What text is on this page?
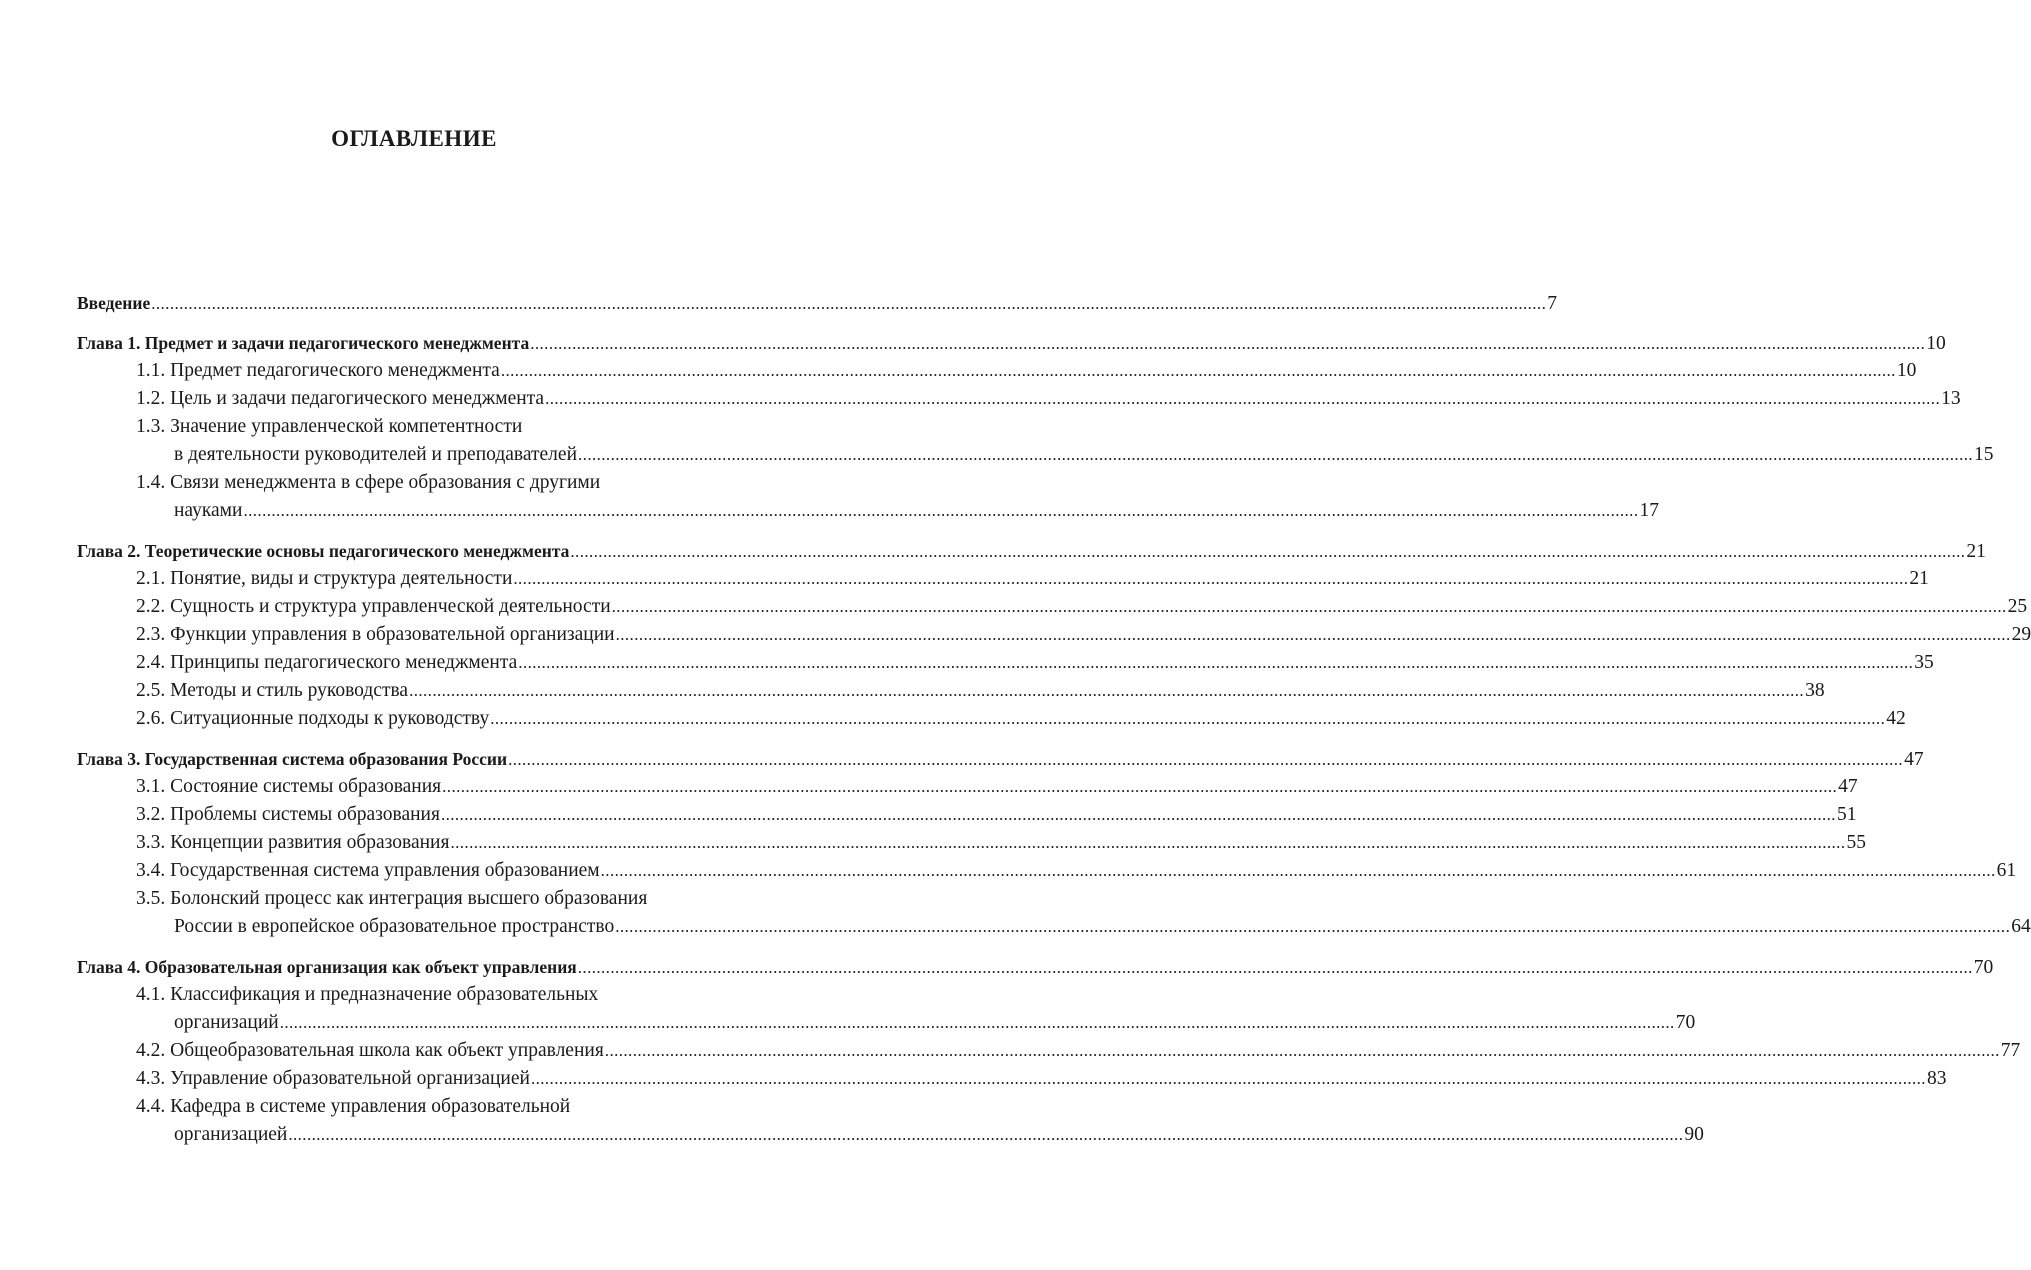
ОГЛАВЛЕНИЕ
Введение ............................................................................................................................................................................................................................................................................................................ 7
Глава 1. Предмет и задачи педагогического менеджмента ............................................................................................................................................................................................................................................................................................................ 10
1.1. Предмет педагогического менеджмента ............................................................................................................................................................................................................................................................................................................ 10
1.2. Цель и задачи педагогического менеджмента ............................................................................................................................................................................................................................................................................................................ 13
1.3. Значение управленческой компетентности
в деятельности руководителей и преподавателей ............................................................................................................................................................................................................................................................................................................ 15
1.4. Связи менеджмента в сфере образования с другими
науками ............................................................................................................................................................................................................................................................................................................ 17
Глава 2. Теоретические основы педагогического менеджмента ............................................................................................................................................................................................................................................................................................................ 21
2.1. Понятие, виды и структура деятельности ............................................................................................................................................................................................................................................................................................................ 21
2.2. Сущность и структура управленческой деятельности ............................................................................................................................................................................................................................................................................................................ 25
2.3. Функции управления в образовательной организации ............................................................................................................................................................................................................................................................................................................ 29
2.4. Принципы педагогического менеджмента ............................................................................................................................................................................................................................................................................................................ 35
2.5. Методы и стиль руководства ............................................................................................................................................................................................................................................................................................................ 38
2.6. Ситуационные подходы к руководству ............................................................................................................................................................................................................................................................................................................ 42
Глава 3. Государственная система образования России ............................................................................................................................................................................................................................................................................................................ 47
3.1. Состояние системы образования ............................................................................................................................................................................................................................................................................................................ 47
3.2. Проблемы системы образования ............................................................................................................................................................................................................................................................................................................ 51
3.3. Концепции развития образования ............................................................................................................................................................................................................................................................................................................ 55
3.4. Государственная система управления образованием ............................................................................................................................................................................................................................................................................................................ 61
3.5. Болонский процесс как интеграция высшего образования
России в европейское образовательное пространство ............................................................................................................................................................................................................................................................................................................ 64
Глава 4. Образовательная организация как объект управления ............................................................................................................................................................................................................................................................................................................ 70
4.1. Классификация и предназначение образовательных
организаций ............................................................................................................................................................................................................................................................................................................ 70
4.2. Общеобразовательная школа как объект управления ............................................................................................................................................................................................................................................................................................................ 77
4.3. Управление образовательной организацией ............................................................................................................................................................................................................................................................................................................ 83
4.4. Кафедра в системе управления образовательной
организацией ............................................................................................................................................................................................................................................................................................................ 90
